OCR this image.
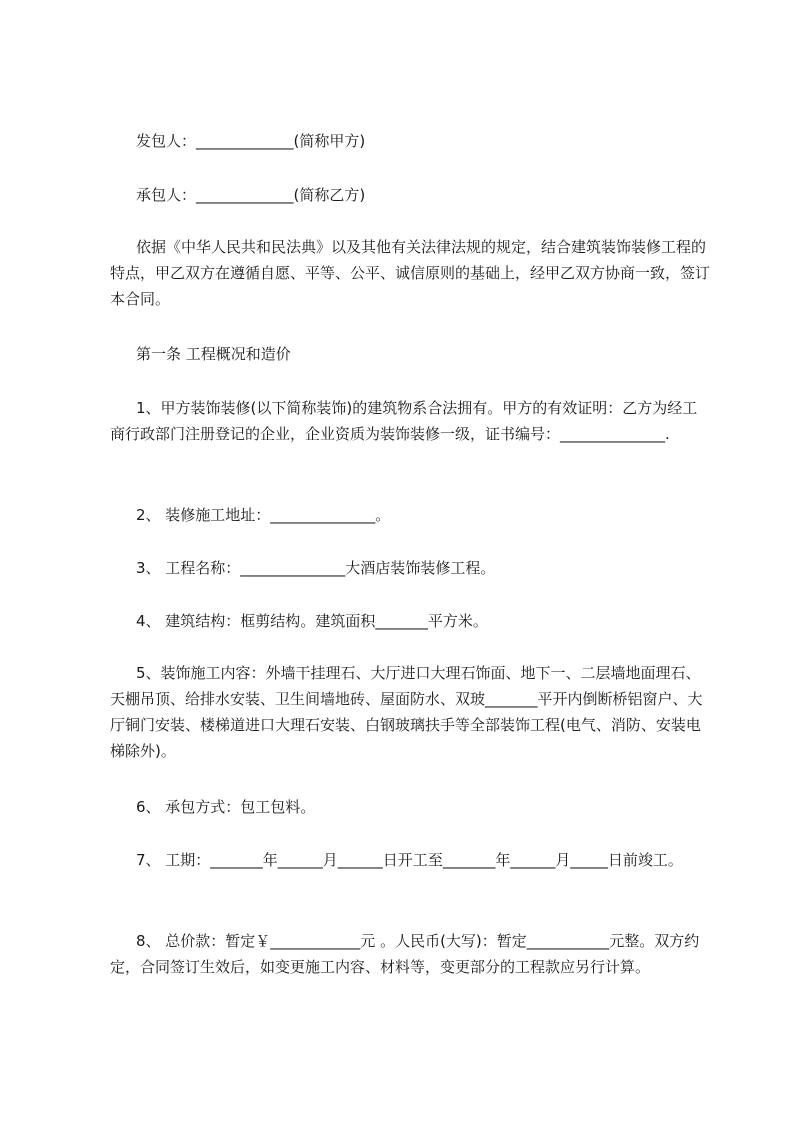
发包人：_____________(简称甲方)
承包人：_____________(简称乙方)
依据《中华人民共和民法典》以及其他有关法律法规的规定，结合建筑装饰装修工程的特点，甲乙双方在遵循自愿、平等、公平、诚信原则的基础上，经甲乙双方协商一致，签订本合同。
第一条 工程概况和造价
1、甲方装饰装修(以下简称装饰)的建筑物系合法拥有。甲方的有效证明：乙方为经工商行政部门注册登记的企业，企业资质为装饰装修一级，证书编号：______________.
2、 装修施工地址：______________。
3、 工程名称：______________大酒店装饰装修工程。
4、 建筑结构：框剪结构。建筑面积_______平方米。
5、装饰施工内容：外墙干挂理石、大厅进口大理石饰面、地下一、二层墙地面理石、天棚吊顶、给排水安装、卫生间墙地砖、屋面防水、双玻_______平开内倒断桥铝窗户、大厅铜门安装、楼梯道进口大理石安装、白钢玻璃扶手等全部装饰工程(电气、消防、安装电梯除外)。
6、 承包方式：包工包料。
7、 工期：_______年______月______日开工至_______年______月_____日前竣工。
8、 总价款：暂定￥____________元 。人民币(大写)：暂定___________元整。双方约定，合同签订生效后，如变更施工内容、材料等，变更部分的工程款应另行计算。
